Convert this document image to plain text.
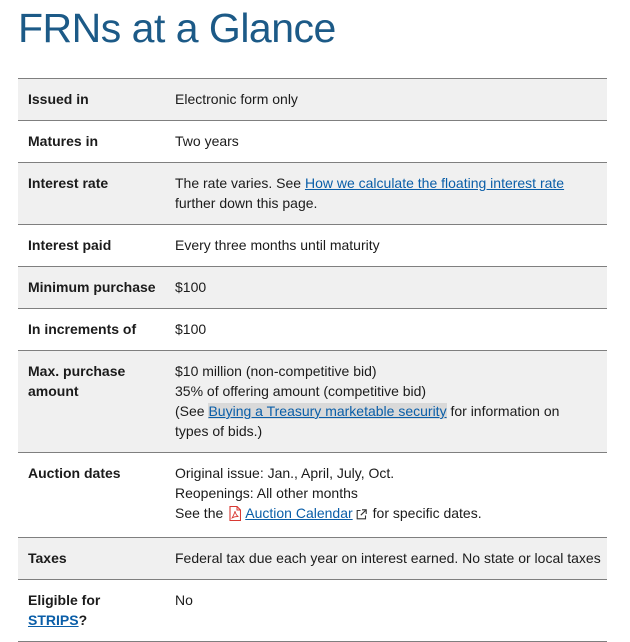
FRNs at a Glance
Issued in	Electronic form only
Matures in	Two years
Interest rate	The rate varies. See How we calculate the floating interest rate
further down this page.
Interest paid	Every three months until maturity
Minimum purchase	$100
In increments of	$100
Max. purchase
amount	$10 million (non-competitive bid)
35% of offering amount (competitive bid)
(See Buying a Treasury marketable security for information on
types of bids.)
Auction dates	Original issue: Jan., April, July, Oct.
Reopenings: All other months
See the Auction Calendar for specific dates.
Taxes	Federal tax due each year on interest earned. No state or local taxes
Eligible for
STRIPS?	No
